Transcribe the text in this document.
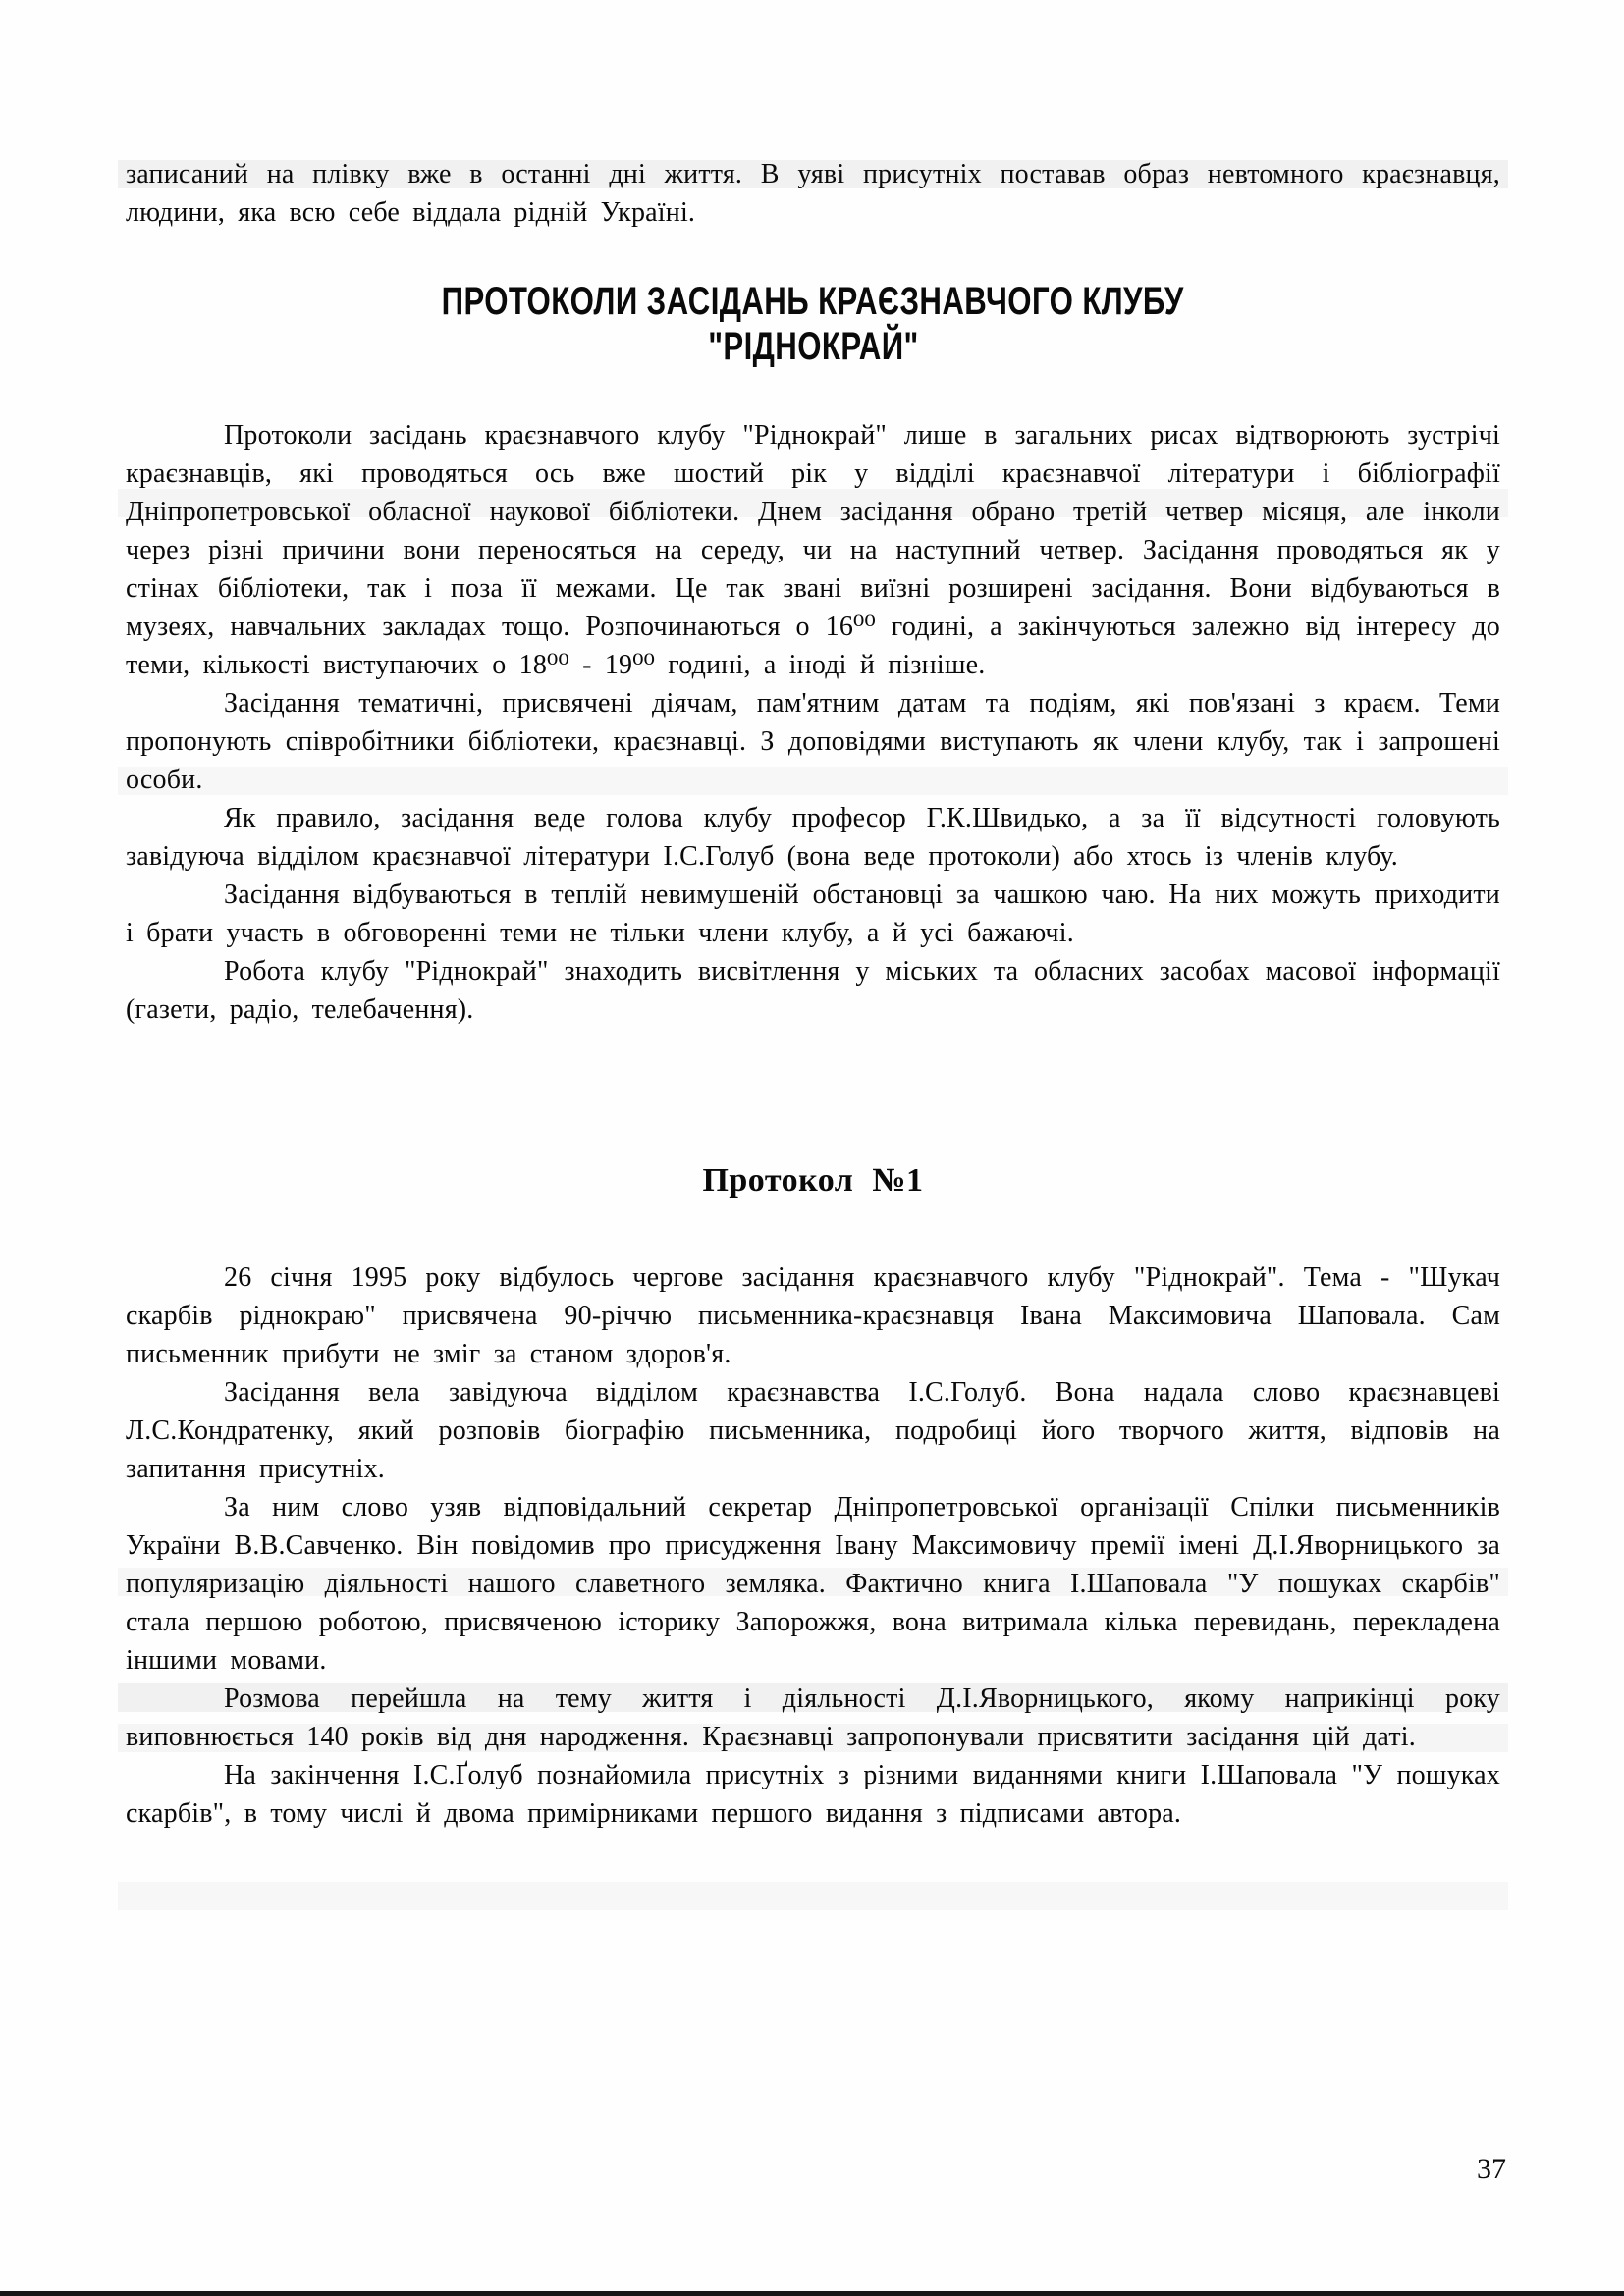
записаний на плівку вже в останні дні життя. В уяві присутніх поставав образ невтомного краєзнавця, людини, яка всю себе віддала рідній Україні.

ПРОТОКОЛИ ЗАСІДАНЬ КРАЄЗНАВЧОГО КЛУБУ
"РІДНОКРАЙ"

Протоколи засідань краєзнавчого клубу "Ріднокрай" лише в загальних рисах відтворюють зустрічі краєзнавців, які проводяться ось вже шостий рік у відділі краєзнавчої літератури і бібліографії Дніпропетровської обласної наукової бібліотеки. Днем засідання обрано третій четвер місяця, але інколи через різні причини вони переносяться на середу, чи на наступний четвер. Засідання проводяться як у стінах бібліотеки, так і поза її межами. Це так звані виїзні розширені засідання. Вони відбуваються в музеях, навчальних закладах тощо. Розпочинаються о 16⁰⁰ годині, а закінчуються залежно від інтересу до теми, кількості виступаючих о 18⁰⁰ - 19⁰⁰ годині, а іноді й пізніше.

Засідання тематичні, присвячені діячам, пам'ятним датам та подіям, які пов'язані з краєм. Теми пропонують співробітники бібліотеки, краєзнавці. З доповідями виступають як члени клубу, так і запрошені особи.

Як правило, засідання веде голова клубу професор Г.К.Швидько, а за її відсутності головують завідуюча відділом краєзнавчої літератури І.С.Голуб (вона веде протоколи) або хтось із членів клубу.

Засідання відбуваються в теплій невимушеній обстановці за чашкою чаю. На них можуть приходити і брати участь в обговоренні теми не тільки члени клубу, а й усі бажаючі.

Робота клубу "Ріднокрай" знаходить висвітлення у міських та обласних засобах масової інформації (газети, радіо, телебачення).

Протокол №1

26 січня 1995 року відбулось чергове засідання краєзнавчого клубу "Ріднокрай". Тема - "Шукач скарбів ріднокраю" присвячена 90-річчю письменника-краєзнавця Івана Максимовича Шаповала. Сам письменник прибути не зміг за станом здоров'я.

Засідання вела завідуюча відділом краєзнавства І.С.Голуб. Вона надала слово краєзнавцеві Л.С.Кондратенку, який розповів біографію письменника, подробиці його творчого життя, відповів на запитання присутніх.

За ним слово узяв відповідальний секретар Дніпропетровської організації Спілки письменників України В.В.Савченко. Він повідомив про присудження Івану Максимовичу премії імені Д.І.Яворницького за популяризацію діяльності нашого славетного земляка. Фактично книга І.Шаповала "У пошуках скарбів" стала першою роботою, присвяченою історику Запорожжя, вона витримала кілька перевидань, перекладена іншими мовами.

Розмова перейшла на тему життя і діяльності Д.І.Яворницького, якому наприкінці року виповнюється 140 років від дня народження. Краєзнавці запропонували присвятити засідання цій даті.

На закінчення І.С.Ґолуб познайомила присутніх з різними виданнями книги І.Шаповала "У пошуках скарбів", в тому числі й двома примірниками першого видання з підписами автора.

37
